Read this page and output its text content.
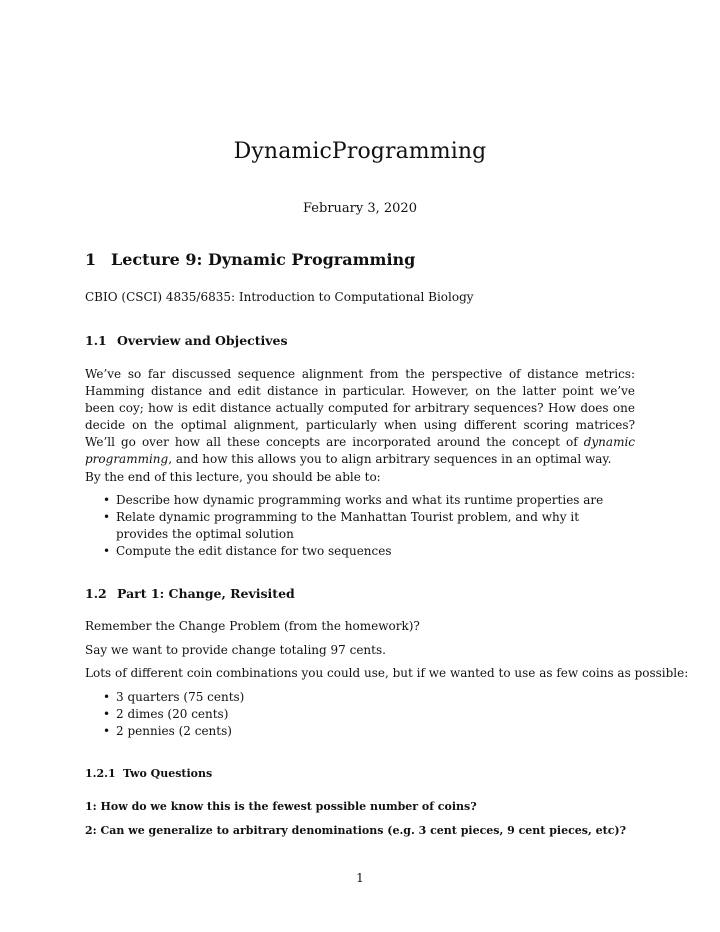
DynamicProgramming
February 3, 2020
1 Lecture 9: Dynamic Programming
CBIO (CSCI) 4835/6835: Introduction to Computational Biology
1.1 Overview and Objectives
We’ve so far discussed sequence alignment from the perspective of distance metrics: Hamming distance and edit distance in particular. However, on the latter point we’ve been coy; how is edit distance actually computed for arbitrary sequences? How does one decide on the optimal alignment, particularly when using different scoring matrices? We’ll go over how all these concepts are incorporated around the concept of dynamic programming, and how this allows you to align arbitrary sequences in an optimal way.
By the end of this lecture, you should be able to:
• Describe how dynamic programming works and what its runtime properties are
• Relate dynamic programming to the Manhattan Tourist problem, and why it provides the optimal solution
• Compute the edit distance for two sequences
1.2 Part 1: Change, Revisited
Remember the Change Problem (from the homework)?
Say we want to provide change totaling 97 cents.
Lots of different coin combinations you could use, but if we wanted to use as few coins as possible:
• 3 quarters (75 cents)
• 2 dimes (20 cents)
• 2 pennies (2 cents)
1.2.1 Two Questions
1: How do we know this is the fewest possible number of coins?
2: Can we generalize to arbitrary denominations (e.g. 3 cent pieces, 9 cent pieces, etc)?
1
